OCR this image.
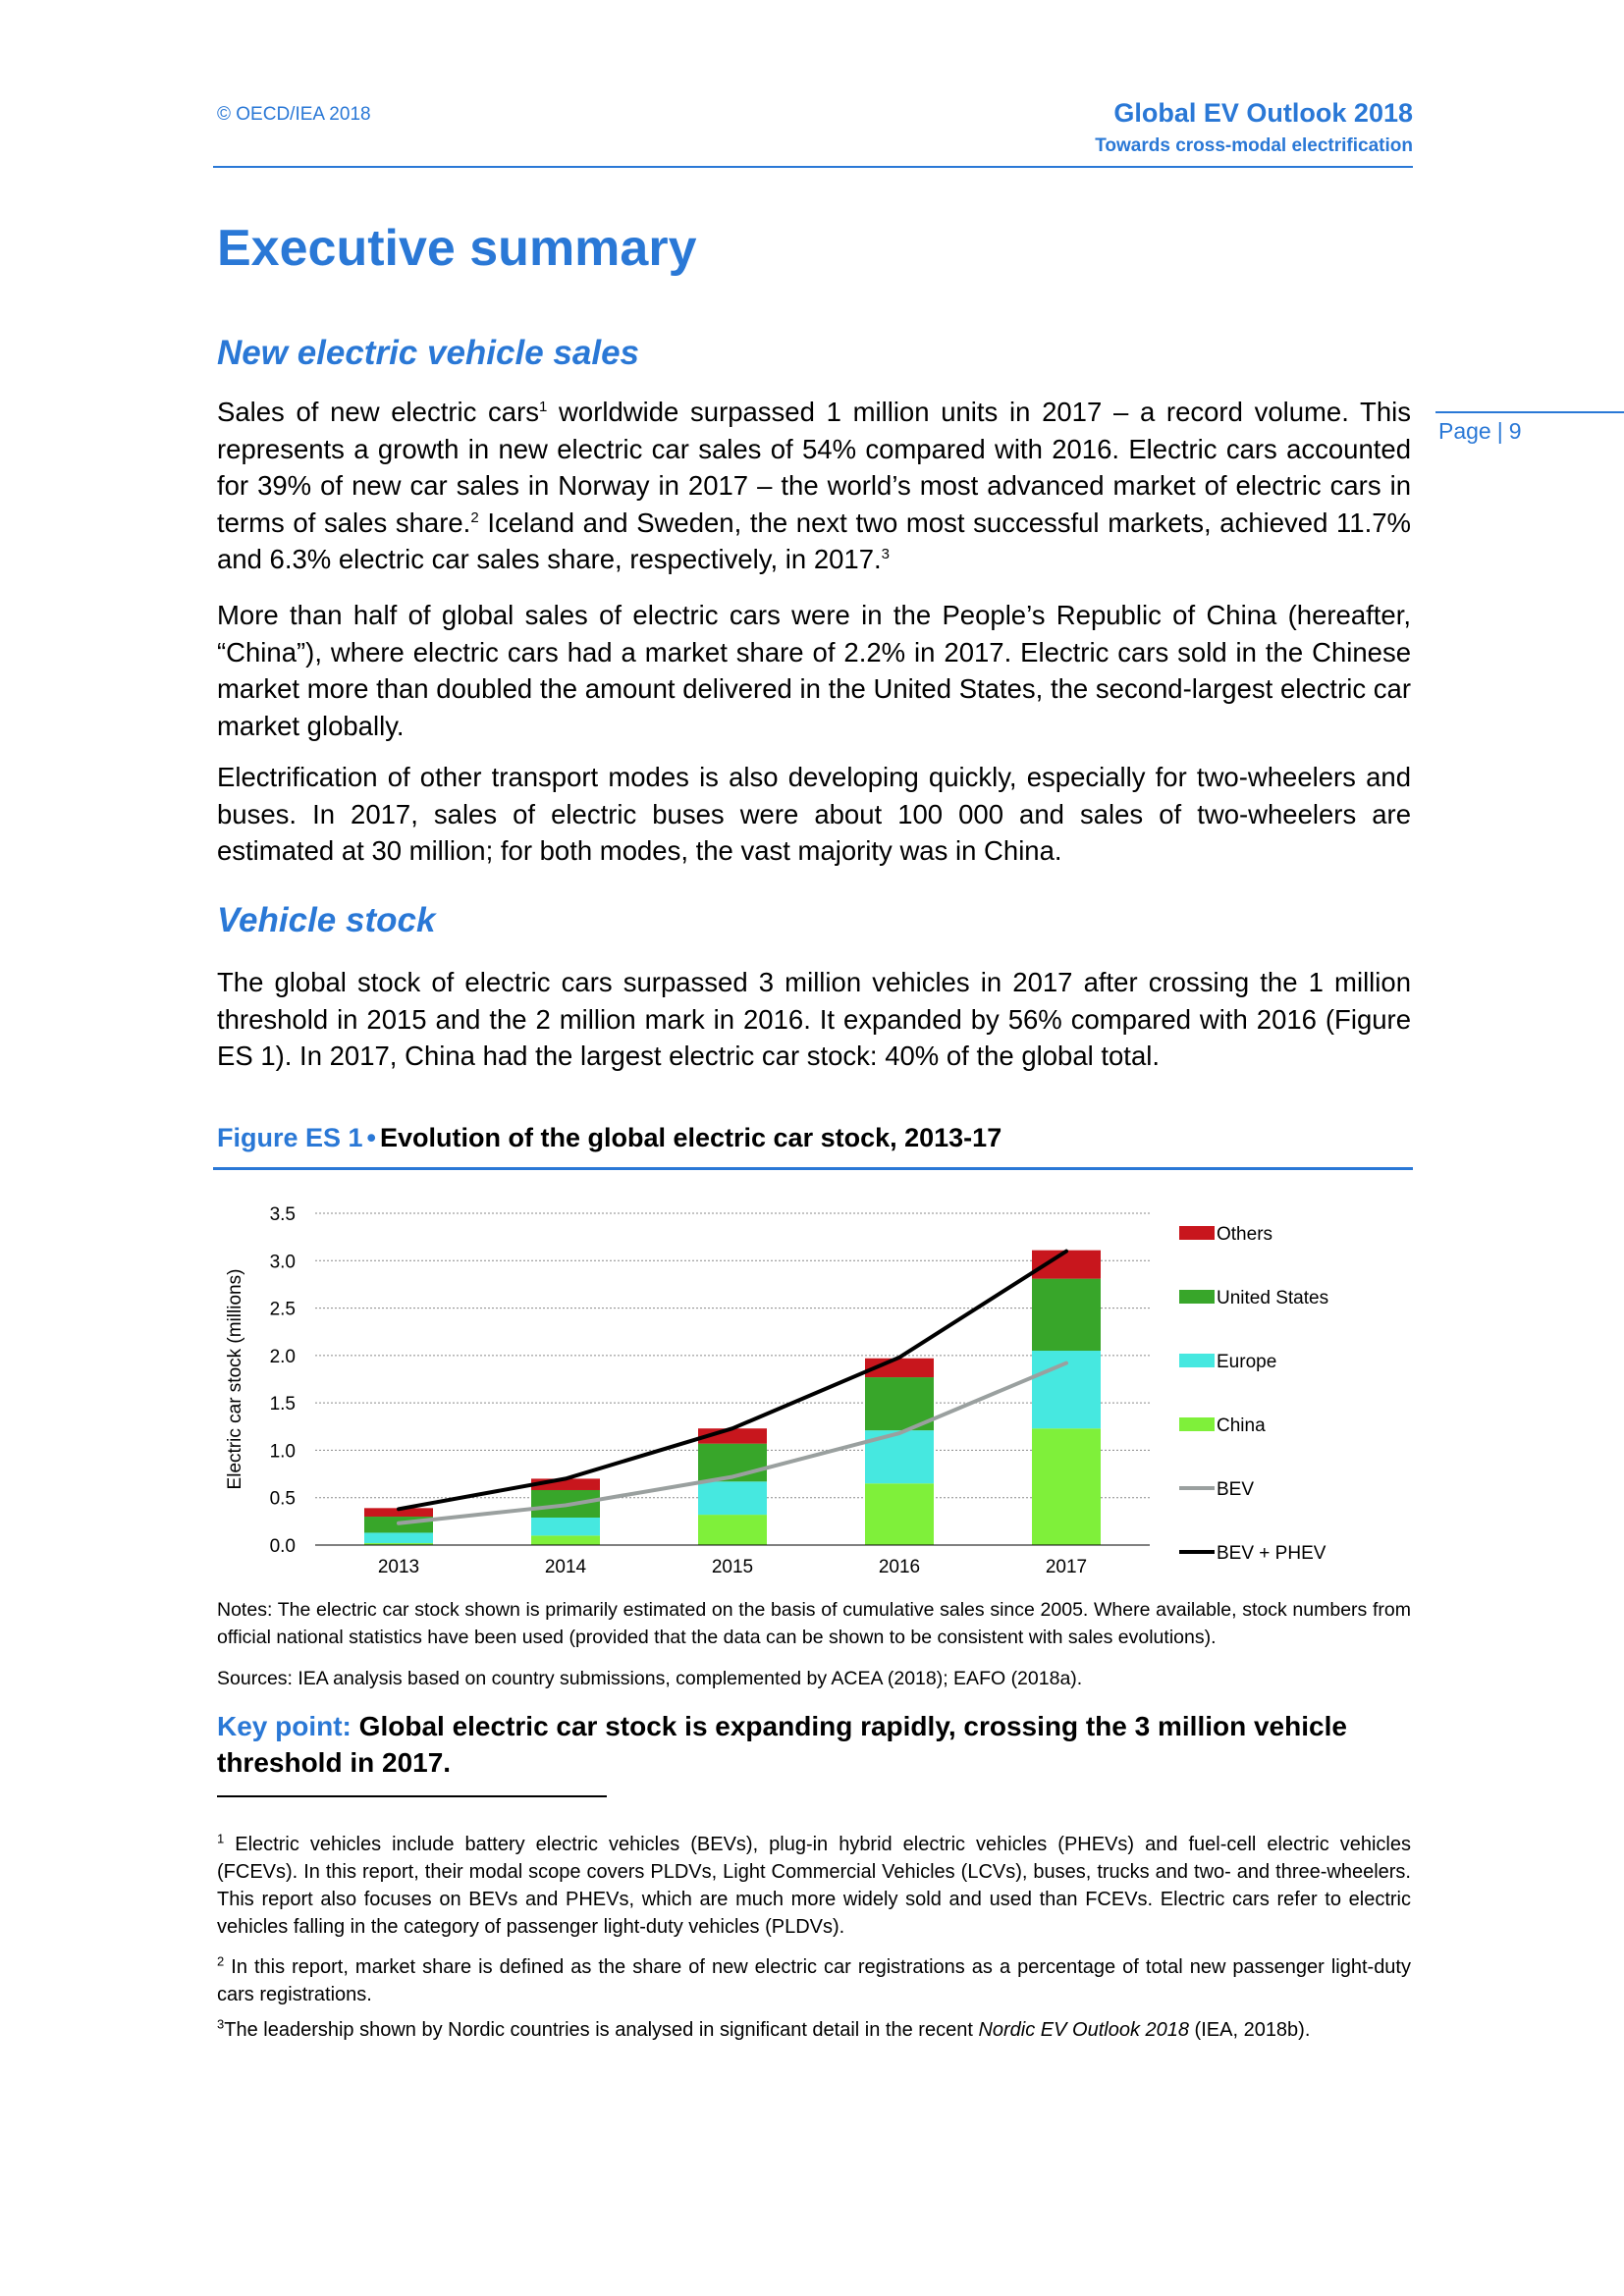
© OECD/IEA 2018	Global EV Outlook 2018
Towards cross-modal electrification
Page | 9
Executive summary
New electric vehicle sales

Sales of new electric cars$^1$ worldwide surpassed 1 million units in 2017 – a record volume. This represents a growth in new electric car sales of 54% compared with 2016. Electric cars accounted for 39% of new car sales in Norway in 2017 – the world’s most advanced market of electric cars in terms of sales share.$^2$ Iceland and Sweden, the next two most successful markets, achieved 11.7% and 6.3% electric car sales share, respectively, in 2017.$^3$

More than half of global sales of electric cars were in the People’s Republic of China (hereafter, “China”), where electric cars had a market share of 2.2% in 2017. Electric cars sold in the Chinese market more than doubled the amount delivered in the United States, the second-largest electric car market globally.

Electrification of other transport modes is also developing quickly, especially for two-wheelers and buses. In 2017, sales of electric buses were about 100 000 and sales of two-wheelers are estimated at 30 million; for both modes, the vast majority was in China.

Vehicle stock

The global stock of electric cars surpassed 3 million vehicles in 2017 after crossing the 1 million threshold in 2015 and the 2 million mark in 2016. It expanded by 56% compared with 2016 (Figure ES 1). In 2017, China had the largest electric car stock: 40% of the global total.

Figure ES 1 • Evolution of the global electric car stock, 2013-17

0.0
0.5
1.0
1.5
2.0
2.5
3.0
3.5
Electric car stock (millions)
2013	2014	2015	2016	2017
Others
United States
Europe
China
BEV
BEV + PHEV

Notes: The electric car stock shown is primarily estimated on the basis of cumulative sales since 2005. Where available, stock numbers from official national statistics have been used (provided that the data can be shown to be consistent with sales evolutions).

Sources: IEA analysis based on country submissions, complemented by ACEA (2018); EAFO (2018a).

Key point: Global electric car stock is expanding rapidly, crossing the 3 million vehicle threshold in 2017.

$^1$ Electric vehicles include battery electric vehicles (BEVs), plug-in hybrid electric vehicles (PHEVs) and fuel-cell electric vehicles (FCEVs). In this report, their modal scope covers PLDVs, Light Commercial Vehicles (LCVs), buses, trucks and two- and three-wheelers. This report also focuses on BEVs and PHEVs, which are much more widely sold and used than FCEVs. Electric cars refer to electric vehicles falling in the category of passenger light-duty vehicles (PLDVs).

$^2$ In this report, market share is defined as the share of new electric car registrations as a percentage of total new passenger light-duty cars registrations.

$^3$The leadership shown by Nordic countries is analysed in significant detail in the recent Nordic EV Outlook 2018 (IEA, 2018b).
